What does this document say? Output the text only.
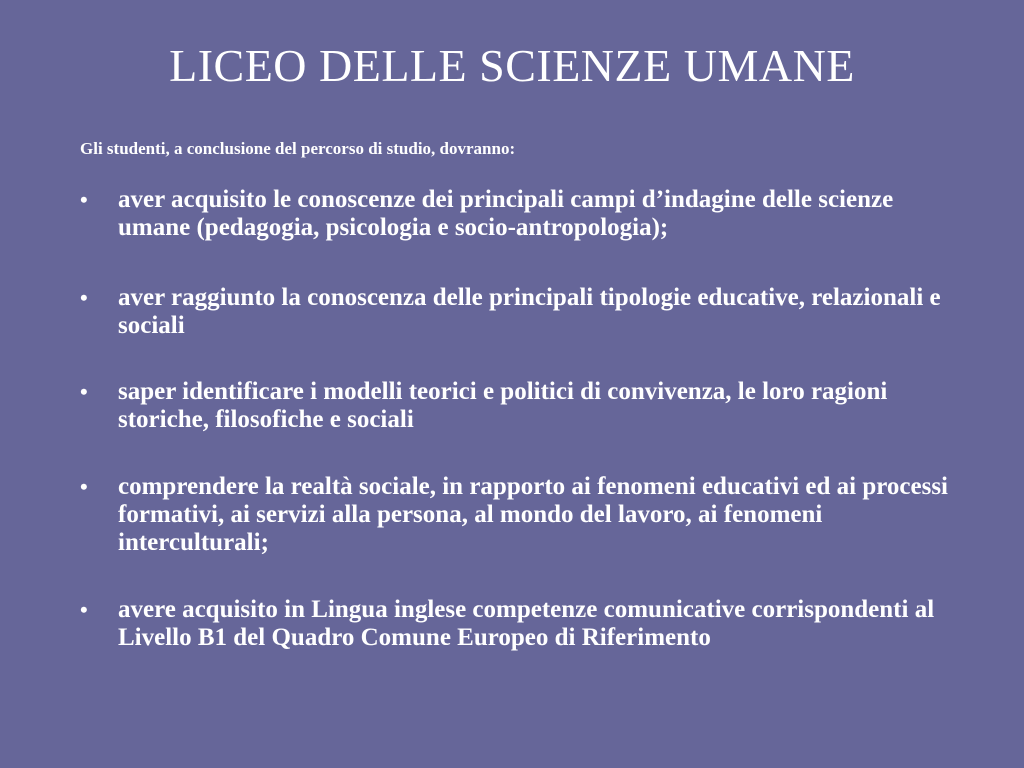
LICEO DELLE SCIENZE UMANE

Gli studenti, a conclusione del percorso di studio, dovranno:

•	aver acquisito le conoscenze dei principali campi d’indagine delle scienze umane (pedagogia, psicologia e socio-antropologia);
•	aver raggiunto la conoscenza delle principali tipologie educative, relazionali e sociali
•	saper identificare i modelli teorici e politici di convivenza, le loro ragioni storiche, filosofiche e sociali
•	comprendere la realtà sociale, in rapporto ai fenomeni educativi ed ai processi formativi, ai servizi alla persona, al mondo del lavoro, ai fenomeni interculturali;
•	avere acquisito in Lingua inglese competenze comunicative corrispondenti al Livello B1 del Quadro Comune Europeo di Riferimento
